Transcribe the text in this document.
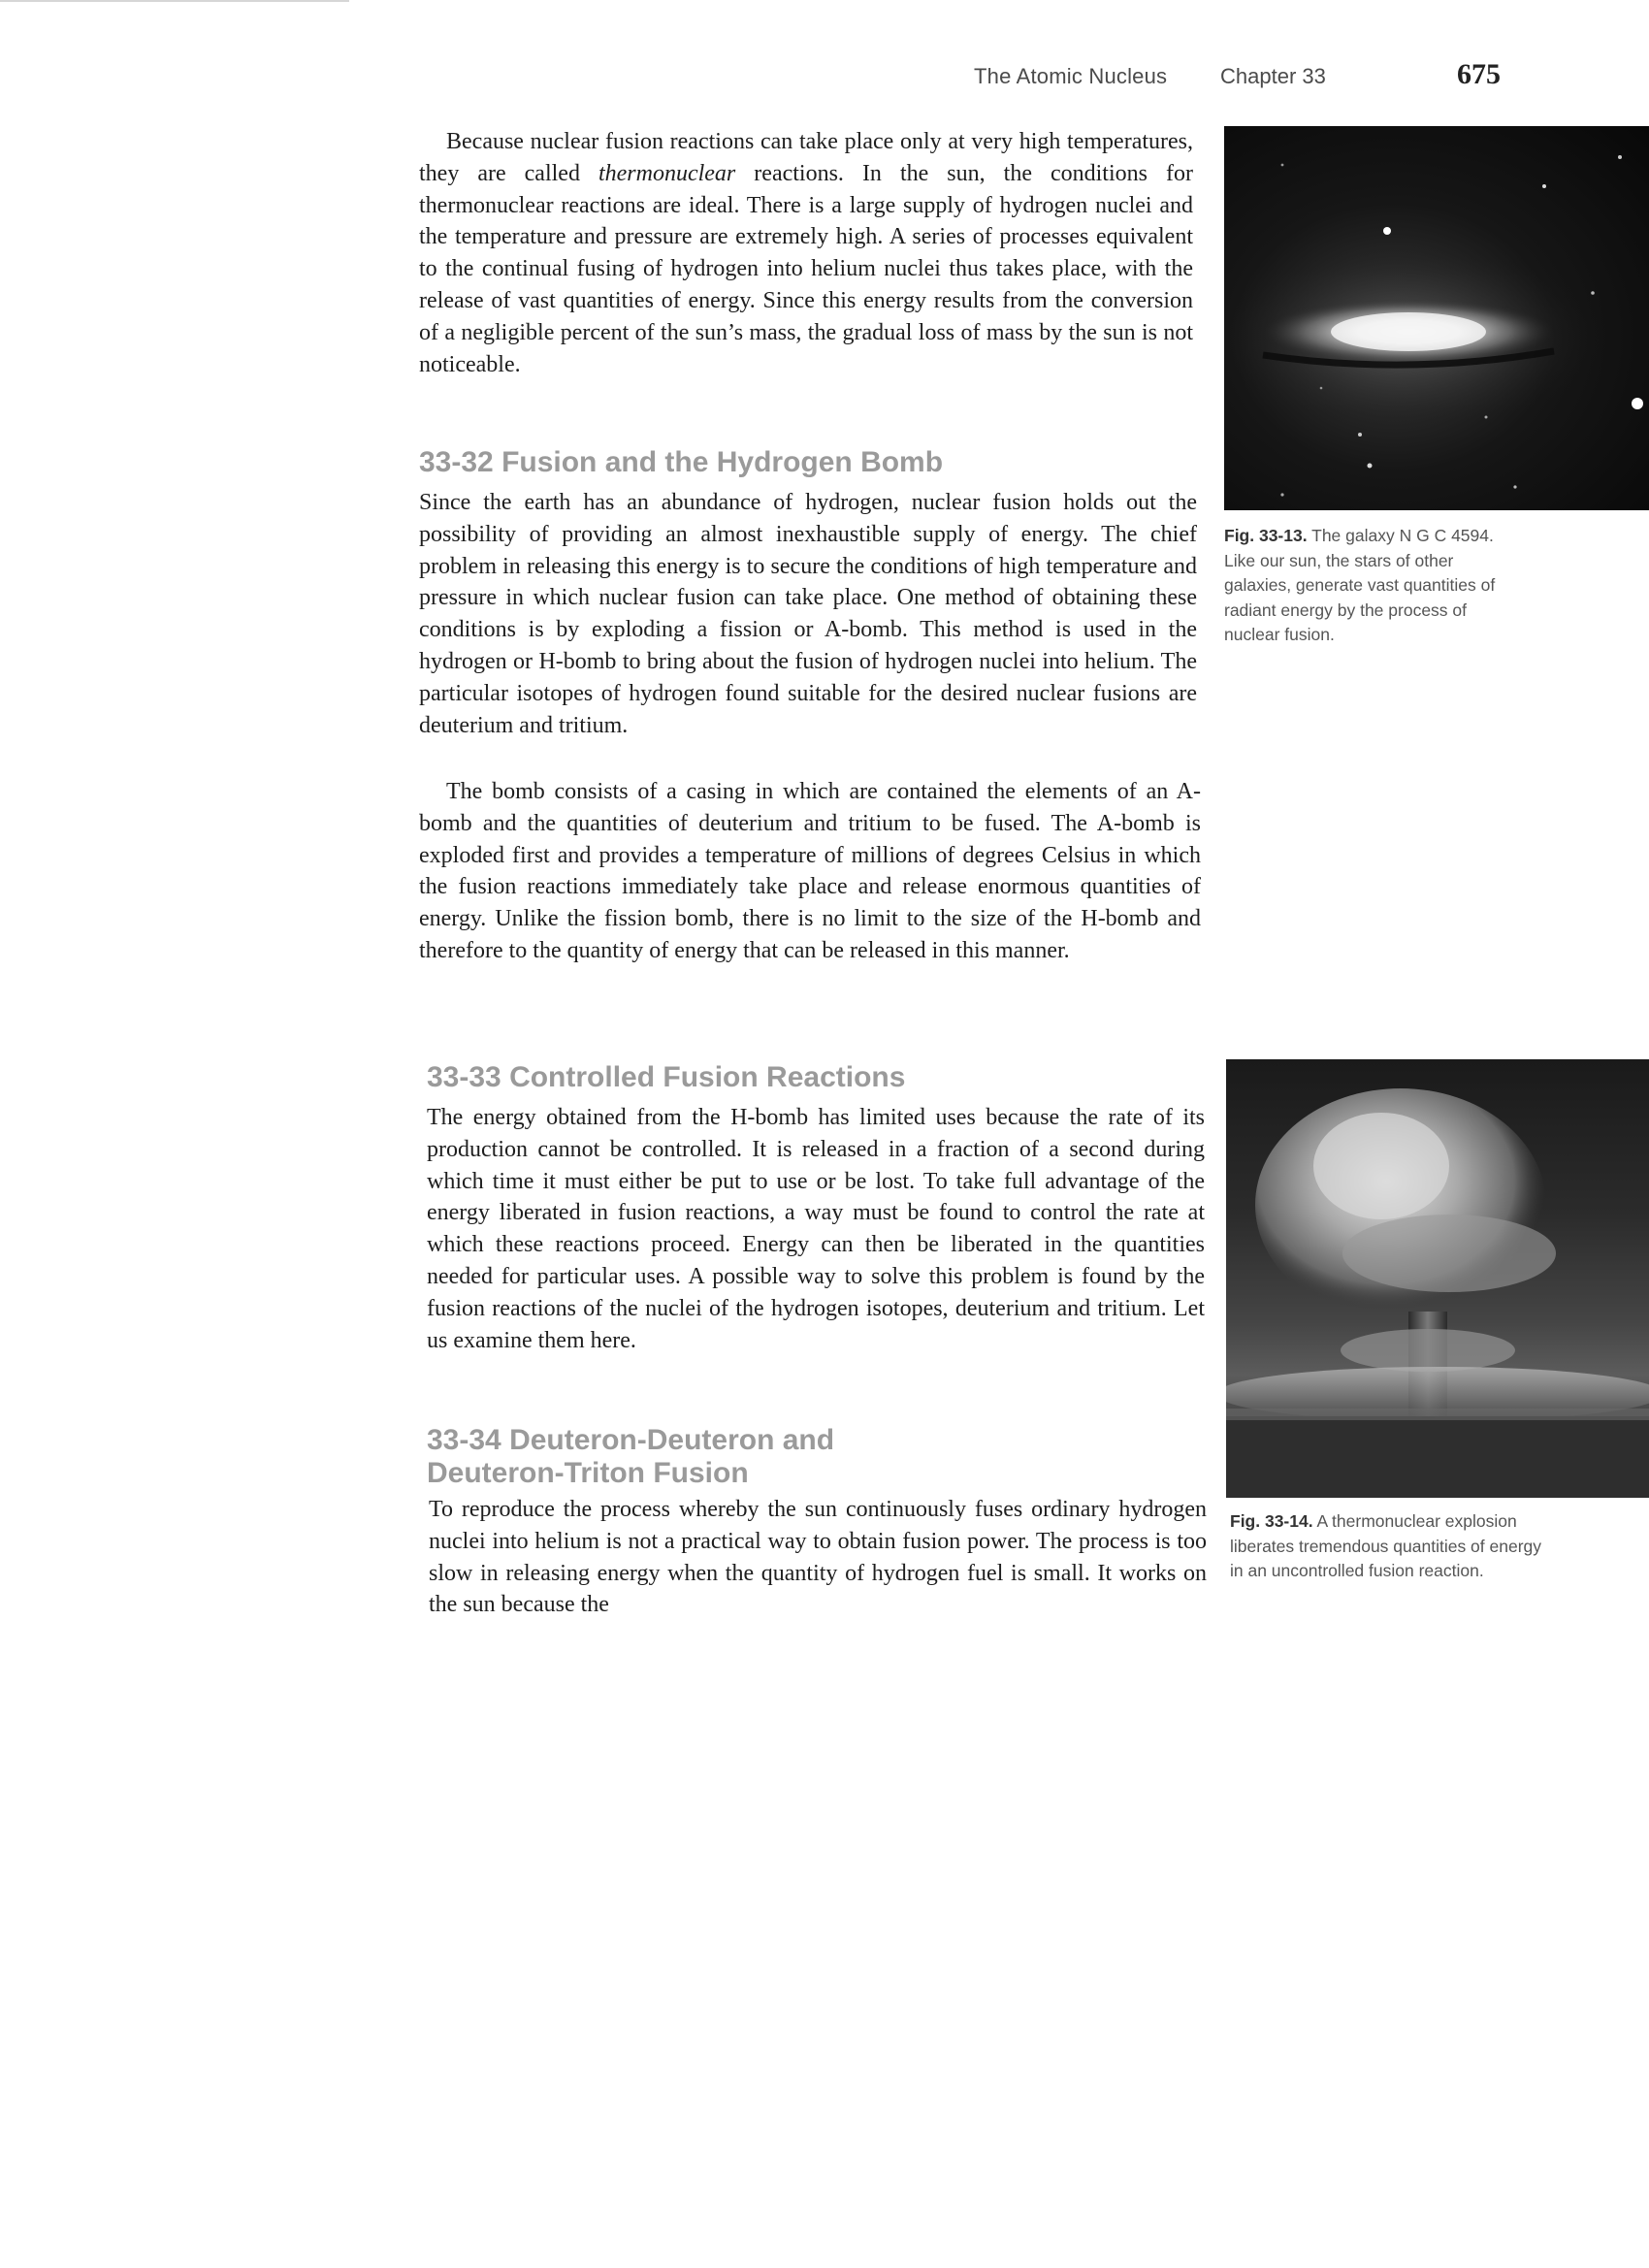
The Atomic Nucleus Chapter 33	675

Because nuclear fusion reactions can take place only at very high temperatures, they are called thermonuclear reactions. In the sun, the conditions for thermonuclear reactions are ideal. There is a large supply of hydrogen nuclei and the temperature and pressure are extremely high. A series of processes equivalent to the continual fusing of hydrogen into helium nuclei thus takes place, with the release of vast quantities of energy. Since this energy results from the conversion of a negligible percent of the sun’s mass, the gradual loss of mass by the sun is not noticeable.

33-32 Fusion and the Hydrogen Bomb

Since the earth has an abundance of hydrogen, nuclear fusion holds out the possibility of providing an almost inexhaustible supply of energy. The chief problem in releasing this energy is to secure the conditions of high temperature and pressure in which nuclear fusion can take place. One method of obtaining these conditions is by exploding a fission or A-bomb. This method is used in the hydrogen or H-bomb to bring about the fusion of hydrogen nuclei into helium. The particular isotopes of hydrogen found suitable for the desired nuclear fusions are deuterium and tritium.

The bomb consists of a casing in which are contained the elements of an A-bomb and the quantities of deuterium and tritium to be fused. The A-bomb is exploded first and provides a temperature of millions of degrees Celsius in which the fusion reactions immediately take place and release enormous quantities of energy. Unlike the fission bomb, there is no limit to the size of the H-bomb and therefore to the quantity of energy that can be released in this manner.

33-33 Controlled Fusion Reactions

The energy obtained from the H-bomb has limited uses because the rate of its production cannot be controlled. It is released in a fraction of a second during which time it must either be put to use or be lost. To take full advantage of the energy liberated in fusion reactions, a way must be found to control the rate at which these reactions proceed. Energy can then be liberated in the quantities needed for particular uses. A possible way to solve this problem is found by the fusion reactions of the nuclei of the hydrogen isotopes, deuterium and tritium. Let us examine them here.

33-34 Deuteron-Deuteron and Deuteron-Triton Fusion

To reproduce the process whereby the sun continuously fuses ordinary hydrogen nuclei into helium is not a practical way to obtain fusion power. The process is too slow in releasing energy when the quantity of hydrogen fuel is small. It works on the sun because the

Fig. 33-13. The galaxy N G C 4594. Like our sun, the stars of other galaxies, generate vast quantities of radiant energy by the process of nuclear fusion.
Fig. 33-14. A thermonuclear explosion liberates tremendous quantities of energy in an uncontrolled fusion reaction.
